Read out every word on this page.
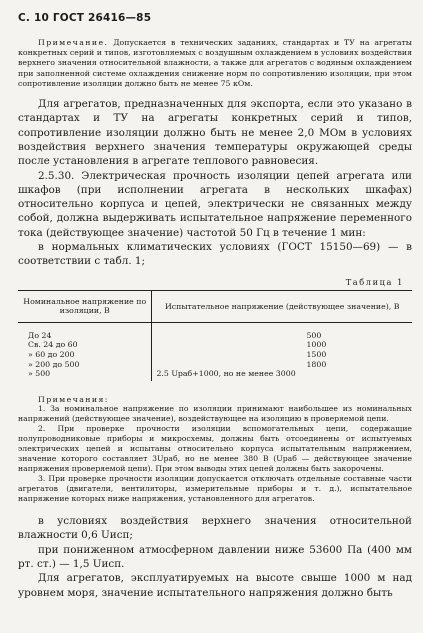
С. 10 ГОСТ 26416—85

Примечание. Допускается в технических заданиях, стандартах и ТУ на агрегаты конкретных серий и типов, изготовляемых с воздушным охлаждением в условиях воздействия верхнего значения относительной влажности, а также для агрегатов с водяным охлаждением при заполненной системе охлаждения снижение норм по сопротивлению изоляции, при этом сопротивление изоляции должно быть не менее 75 кОм.

Для агрегатов, предназначенных для экспорта, если это указано в стандартах и ТУ на агрегаты конкретных серий и типов, сопротивление изоляции должно быть не менее 2,0 МОм в условиях воздействия верхнего значения температуры окружающей среды после установления в агрегате теплового равновесия.

2.5.30. Электрическая прочность изоляции цепей агрегата или шкафов (при исполнении агрегата в нескольких шкафах) относительно корпуса и цепей, электрически не связанных между собой, должна выдерживать испытательное напряжение переменного тока (действующее значение) частотой 50 Гц в течение 1 мин:

в нормальных климатических условиях (ГОСТ 15150—69) — в соответствии с табл. 1;

Таблица 1
Номинальное напряжение по изоляции, В	Испытательное напряжение (действующее значение), В
До 24	500

Св. 24 до 60	1000

» 60 до 200	1500

» 200 до 500	1800

» 500	2.5 Uраб+1000, но не менее 3000
Примечания:

1. За номинальное напряжение по изоляции принимают наибольшее из номинальных напряжений (действующее значение), воздействующее на изоляцию в проверяемой цепи.

2. При проверке прочности изоляции вспомогательных цепи, содержащие полупроводниковые приборы и микросхемы, должны быть отсоединены от испытуемых электрических цепей и испытаны относительно корпуса испытательным напряжением, значение которого составляет 3Uраб, но не менее 380 В (Uраб — действующее значение напряжения проверяемой цепи). При этом выводы этих цепей должны быть закорочены.

3. При проверке прочности изоляции допускается отключать отдельные составные части агрегатов (двигатели, вентиляторы, измерительные приборы и т. д.), испытательное напряжение которых ниже напряжения, установленного для агрегатов.

в условиях воздействия верхнего значения относительной влажности 0,6 Uисп;

при пониженном атмосферном давлении ниже 53600 Па (400 мм рт. ст.) — 1,5 Uисп.

Для агрегатов, эксплуатируемых на высоте свыше 1000 м над уровнем моря, значение испытательного напряжения должно быть
